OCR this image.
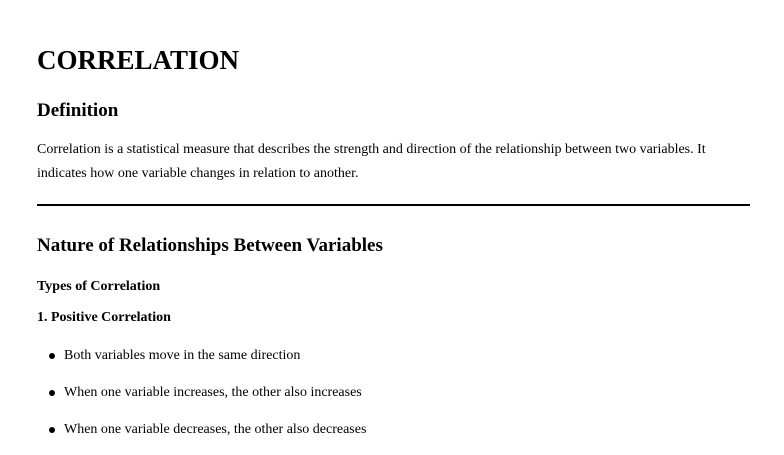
CORRELATION
Definition

Correlation is a statistical measure that describes the strength and direction of the relationship between two variables. It indicates how one variable changes in relation to another.

Nature of Relationships Between Variables
Types of Correlation
1. Positive Correlation
Both variables move in the same direction
When one variable increases, the other also increases
When one variable decreases, the other also decreases
